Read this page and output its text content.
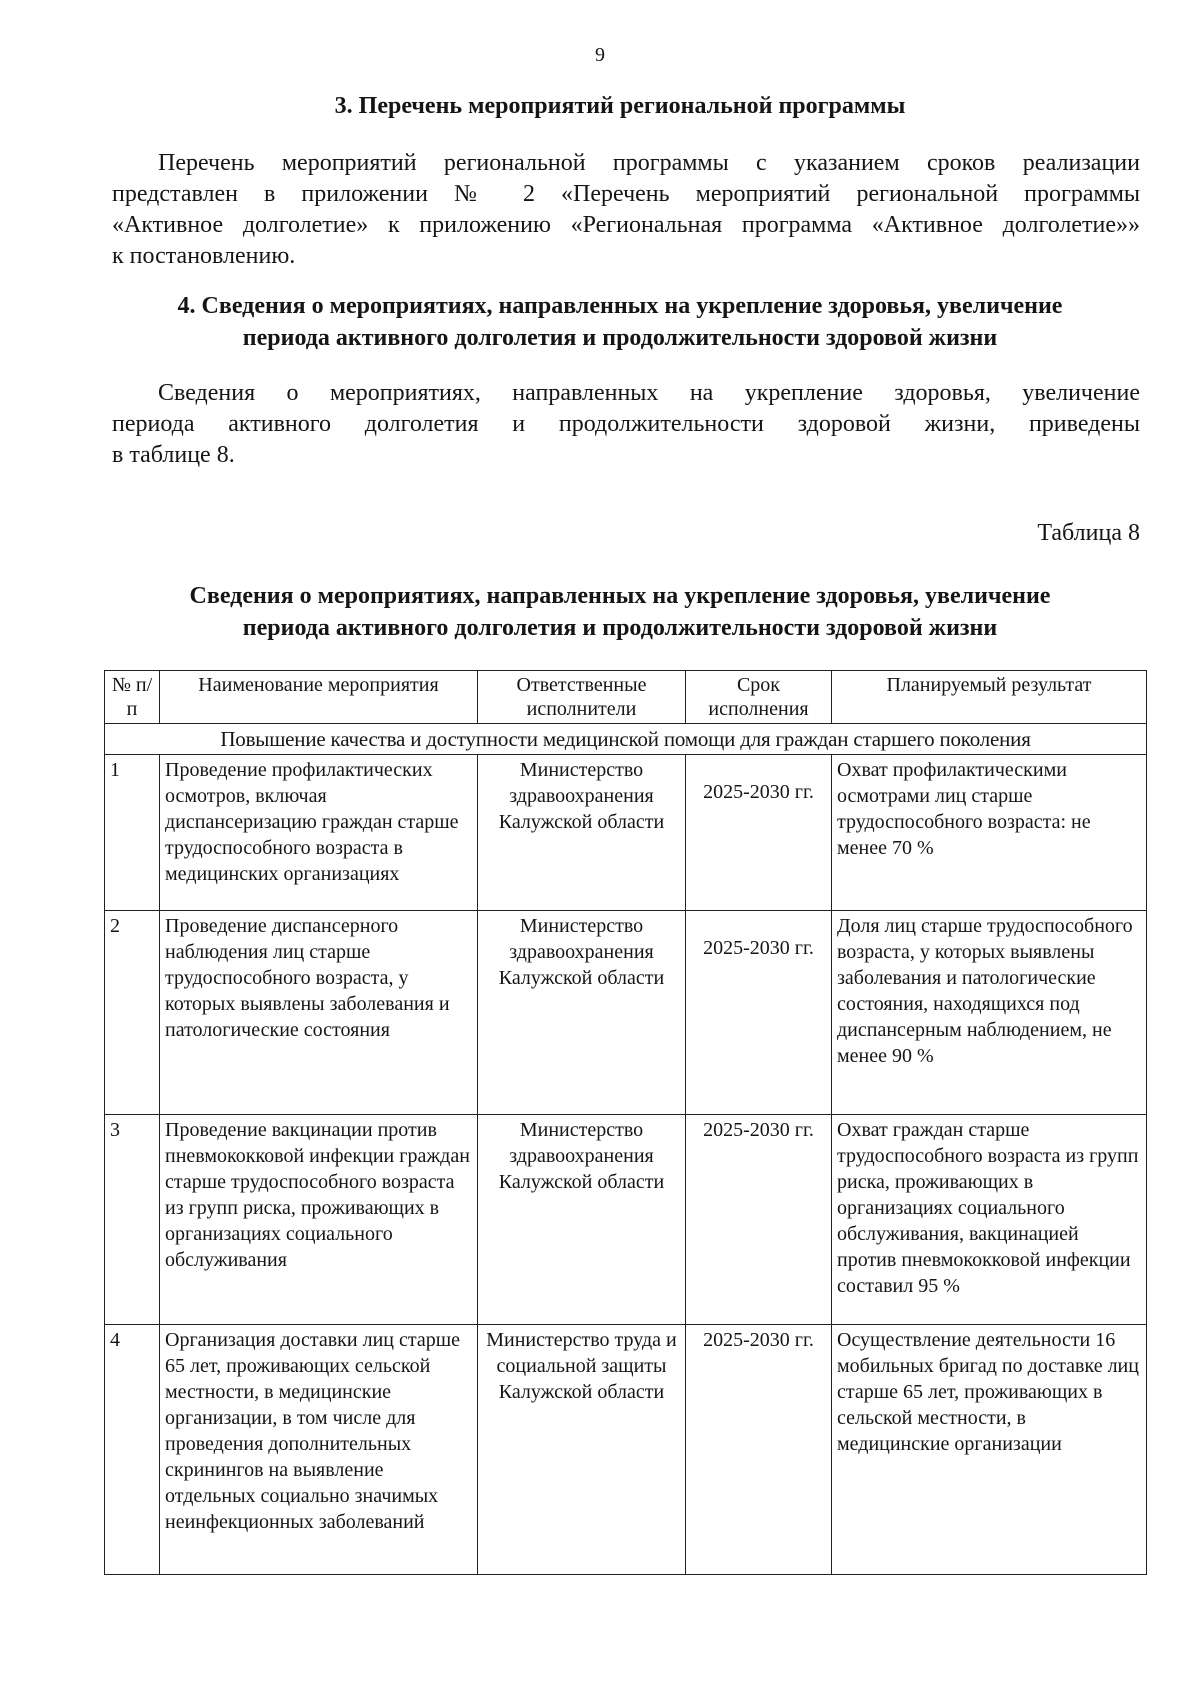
9
3. Перечень мероприятий региональной программы
Перечень мероприятий региональной программы с указанием сроков реализации
представлен в приложении № 2 «Перечень мероприятий региональной программы
«Активное долголетие» к приложению «Региональная программа «Активное долголетие»»
к постановлению.
4. Сведения о мероприятиях, направленных на укрепление здоровья, увеличение
периода активного долголетия и продолжительности здоровой жизни
Сведения о мероприятиях, направленных на укрепление здоровья, увеличение
периода активного долголетия и продолжительности здоровой жизни, приведены
в таблице 8.
Таблица 8
Сведения о мероприятиях, направленных на укрепление здоровья, увеличение
периода активного долголетия и продолжительности здоровой жизни
№ п/п	Наименование мероприятия	Ответственные исполнители	Срок исполнения	Планируемый результат
Повышение качества и доступности медицинской помощи для граждан старшего поколения				
1	Проведение профилактических осмотров, включая диспансеризацию граждан старше трудоспособного возраста в медицинских организациях	Министерство здравоохранения Калужской области	2025-2030 гг.	Охват профилактическими осмотрами лиц старше трудоспособного возраста: не менее 70 %
2	Проведение диспансерного наблюдения лиц старше трудоспособного возраста, у которых выявлены заболевания и патологические состояния	Министерство здравоохранения Калужской области	2025-2030 гг.	Доля лиц старше трудоспособного возраста, у которых выявлены заболевания и патологические состояния, находящихся под диспансерным наблюдением, не менее 90 %
3	Проведение вакцинации против пневмококковой инфекции граждан старше трудоспособного возраста из групп риска, проживающих в организациях социального обслуживания	Министерство здравоохранения Калужской области	2025-2030 гг.	Охват граждан старше трудоспособного возраста из групп риска, проживающих в организациях социального обслуживания, вакцинацией против пневмококковой инфекции составил 95 %
4	Организация доставки лиц старше 65 лет, проживающих сельской местности, в медицинские организации, в том числе для проведения дополнительных скринингов на выявление отдельных социально значимых неинфекционных заболеваний	Министерство труда и социальной защиты Калужской области	2025-2030 гг.	Осуществление деятельности 16 мобильных бригад по доставке лиц старше 65 лет, проживающих в сельской местности, в медицинские организации
